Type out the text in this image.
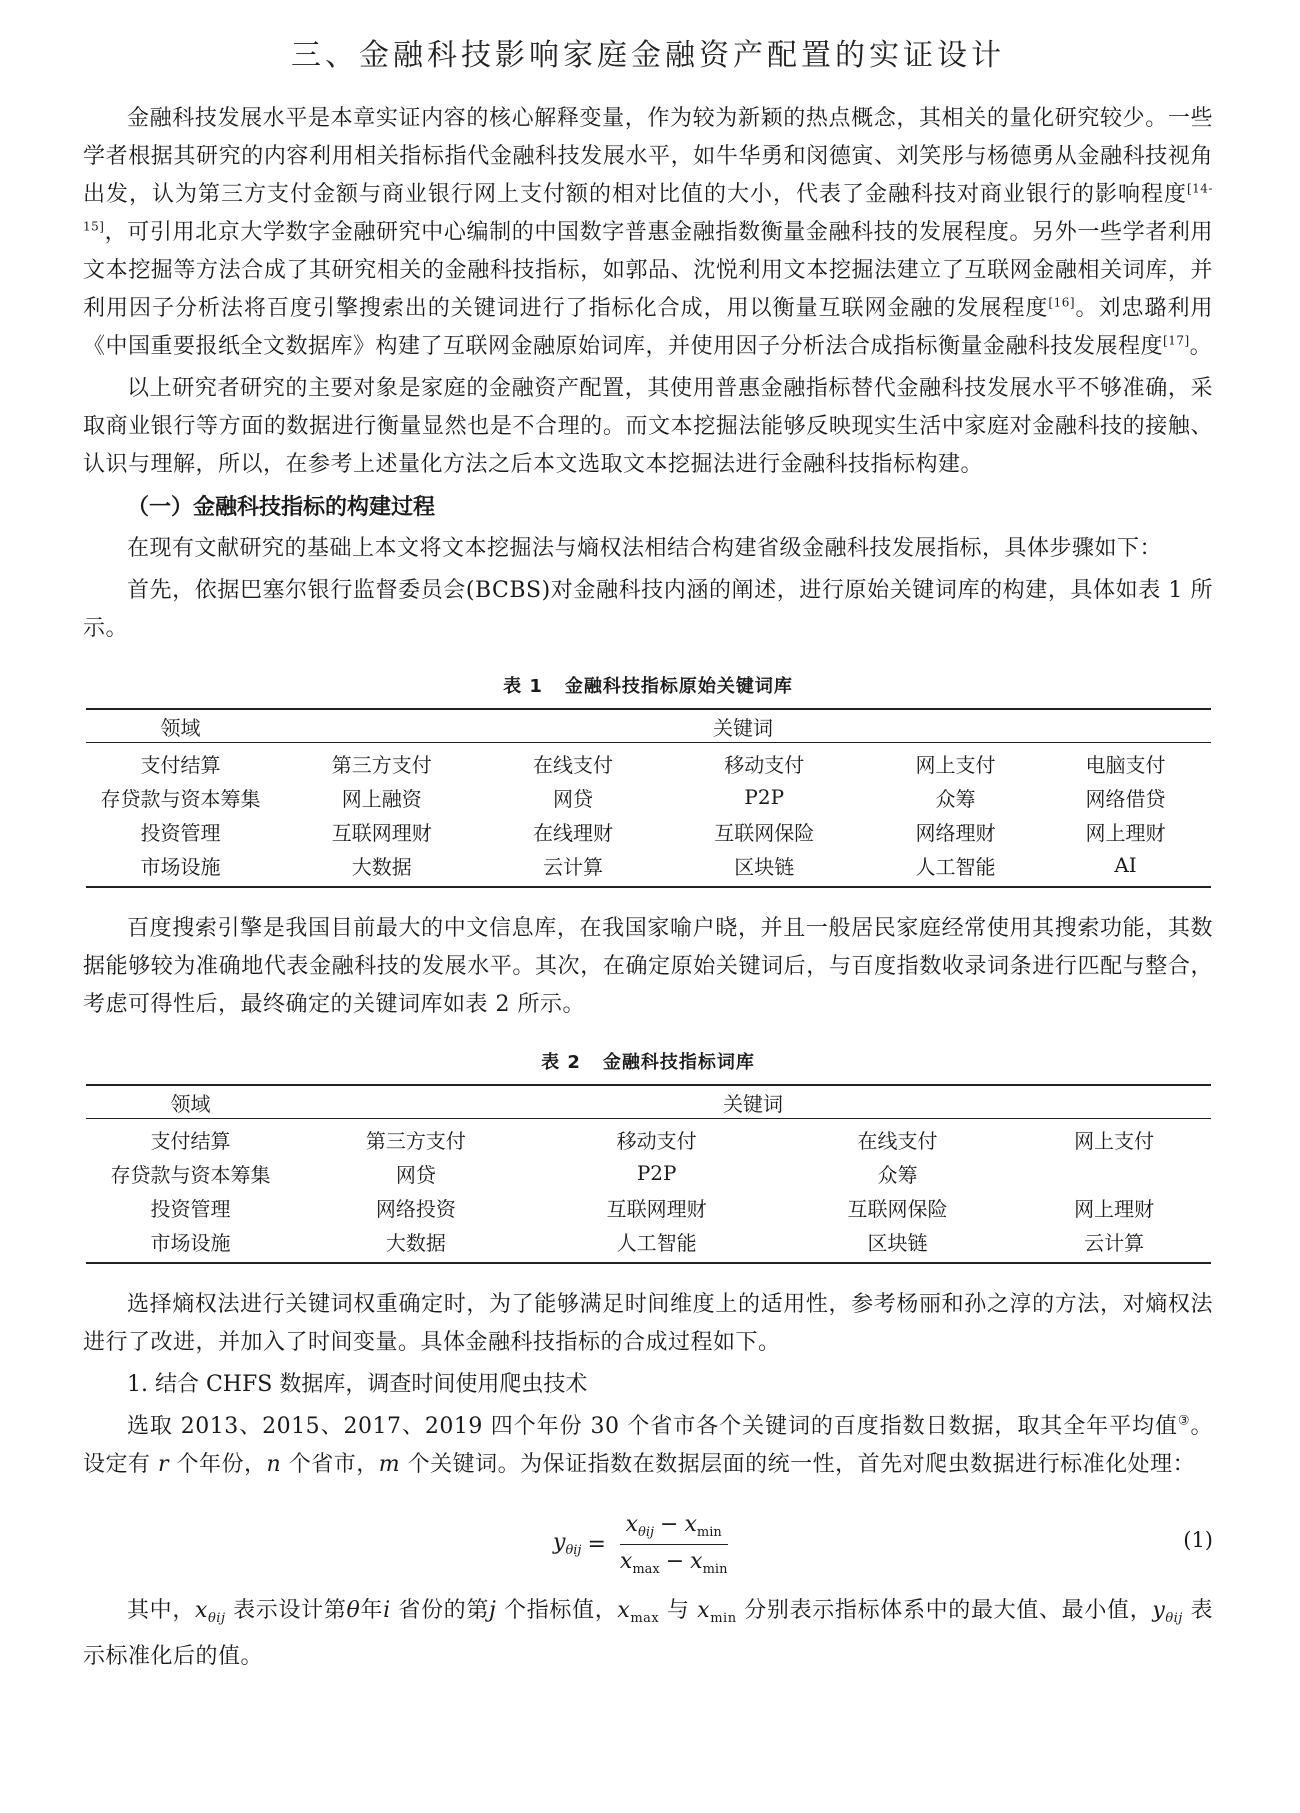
三、金融科技影响家庭金融资产配置的实证设计

金融科技发展水平是本章实证内容的核心解释变量，作为较为新颖的热点概念，其相关的量化研究较少。一些学者根据其研究的内容利用相关指标指代金融科技发展水平，如牛华勇和闵德寅、刘笑彤与杨德勇从金融科技视角出发，认为第三方支付金额与商业银行网上支付额的相对比值的大小，代表了金融科技对商业银行的影响程度[14-15]，可引用北京大学数字金融研究中心编制的中国数字普惠金融指数衡量金融科技的发展程度。另外一些学者利用文本挖掘等方法合成了其研究相关的金融科技指标，如郭品、沈悦利用文本挖掘法建立了互联网金融相关词库，并利用因子分析法将百度引擎搜索出的关键词进行了指标化合成，用以衡量互联网金融的发展程度[16]。刘忠璐利用《中国重要报纸全文数据库》构建了互联网金融原始词库，并使用因子分析法合成指标衡量金融科技发展程度[17]。

以上研究者研究的主要对象是家庭的金融资产配置，其使用普惠金融指标替代金融科技发展水平不够准确，采取商业银行等方面的数据进行衡量显然也是不合理的。而文本挖掘法能够反映现实生活中家庭对金融科技的接触、认识与理解，所以，在参考上述量化方法之后本文选取文本挖掘法进行金融科技指标构建。

（一）金融科技指标的构建过程

在现有文献研究的基础上本文将文本挖掘法与熵权法相结合构建省级金融科技发展指标，具体步骤如下：

首先，依据巴塞尔银行监督委员会(BCBS)对金融科技内涵的阐述，进行原始关键词库的构建，具体如表 1 所示。

表 1 金融科技指标原始关键词库
领域	关键词				
支付结算	第三方支付	在线支付	移动支付	网上支付	电脑支付
存贷款与资本筹集	网上融资	网贷	P2P	众筹	网络借贷
投资管理	互联网理财	在线理财	互联网保险	网络理财	网上理财
市场设施	大数据	云计算	区块链	人工智能	AI

百度搜索引擎是我国目前最大的中文信息库，在我国家喻户晓，并且一般居民家庭经常使用其搜索功能，其数据能够较为准确地代表金融科技的发展水平。其次，在确定原始关键词后，与百度指数收录词条进行匹配与整合，考虑可得性后，最终确定的关键词库如表 2 所示。

表 2 金融科技指标词库
领域	关键词			
支付结算	第三方支付	移动支付	在线支付	网上支付
存贷款与资本筹集	网贷	P2P	众筹	
投资管理	网络投资	互联网理财	互联网保险	网上理财
市场设施	大数据	人工智能	区块链	云计算

选择熵权法进行关键词权重确定时，为了能够满足时间维度上的适用性，参考杨丽和孙之淳的方法，对熵权法进行了改进，并加入了时间变量。具体金融科技指标的合成过程如下。

1. 结合 CHFS 数据库，调查时间使用爬虫技术

选取 2013、2015、2017、2019 四个年份 30 个省市各个关键词的百度指数日数据，取其全年平均值③。设定有 r 个年份，n 个省市，m 个关键词。为保证指数在数据层面的统一性，首先对爬虫数据进行标准化处理：

$y_{\theta ij} = \frac{x_{\theta ij} - x_{min}}{x_{max} - x_{min}}$	(1)

其中，$x_{\theta ij}$ 表示设计第θ年i 省份的第j 个指标值，$x_{max}$ 与 $x_{min}$ 分别表示指标体系中的最大值、最小值，$y_{\theta ij}$ 表示标准化后的值。
